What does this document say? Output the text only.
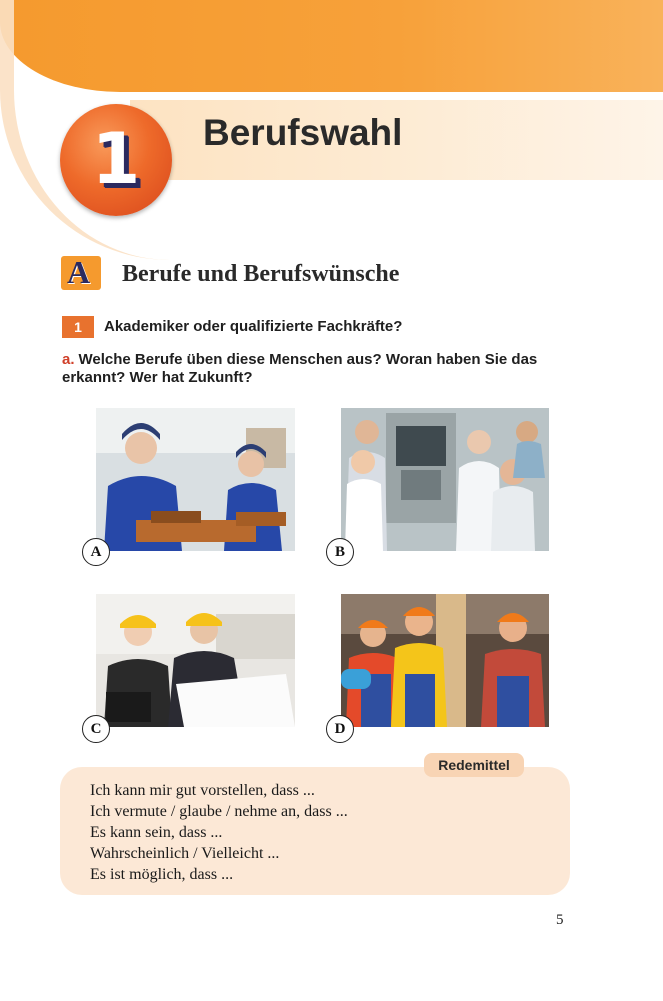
1	Berufswahl
A Berufe und Berufswünsche
1	Akademiker oder qualifizierte Fachkräfte?
a. Welche Berufe üben diese Menschen aus? Woran haben Sie das erkannt? Wer hat Zukunft?
A	B
C	D
Redemittel
Ich kann mir gut vorstellen, dass ...
Ich vermute / glaube / nehme an, dass ...
Es kann sein, dass ...
Wahrscheinlich / Vielleicht ...
Es ist möglich, dass ...
5
